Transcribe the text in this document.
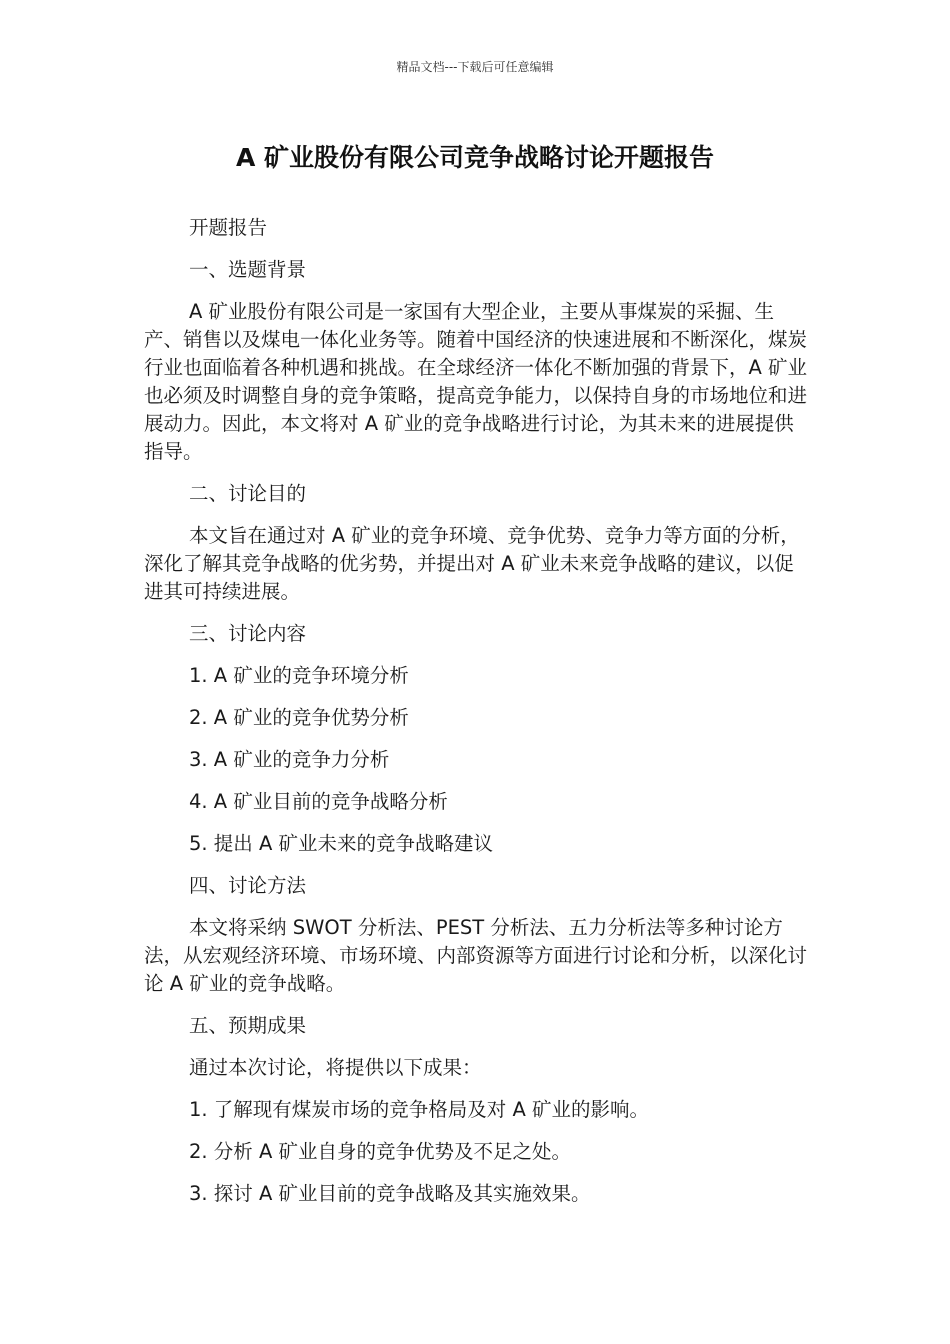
精品文档---下载后可任意编辑
A 矿业股份有限公司竞争战略讨论开题报告

开题报告

一、选题背景

A 矿业股份有限公司是一家国有大型企业，主要从事煤炭的采掘、生产、销售以及煤电一体化业务等。随着中国经济的快速进展和不断深化，煤炭行业也面临着各种机遇和挑战。在全球经济一体化不断加强的背景下，A 矿业也必须及时调整自身的竞争策略，提高竞争能力，以保持自身的市场地位和进展动力。因此，本文将对 A 矿业的竞争战略进行讨论，为其未来的进展提供指导。

二、讨论目的

本文旨在通过对 A 矿业的竞争环境、竞争优势、竞争力等方面的分析，深化了解其竞争战略的优劣势，并提出对 A 矿业未来竞争战略的建议，以促进其可持续进展。

三、讨论内容

1. A 矿业的竞争环境分析

2. A 矿业的竞争优势分析

3. A 矿业的竞争力分析

4. A 矿业目前的竞争战略分析

5. 提出 A 矿业未来的竞争战略建议

四、讨论方法

本文将采纳 SWOT 分析法、PEST 分析法、五力分析法等多种讨论方法，从宏观经济环境、市场环境、内部资源等方面进行讨论和分析，以深化讨论 A 矿业的竞争战略。

五、预期成果

通过本次讨论，将提供以下成果：

1. 了解现有煤炭市场的竞争格局及对 A 矿业的影响。

2. 分析 A 矿业自身的竞争优势及不足之处。

3. 探讨 A 矿业目前的竞争战略及其实施效果。
